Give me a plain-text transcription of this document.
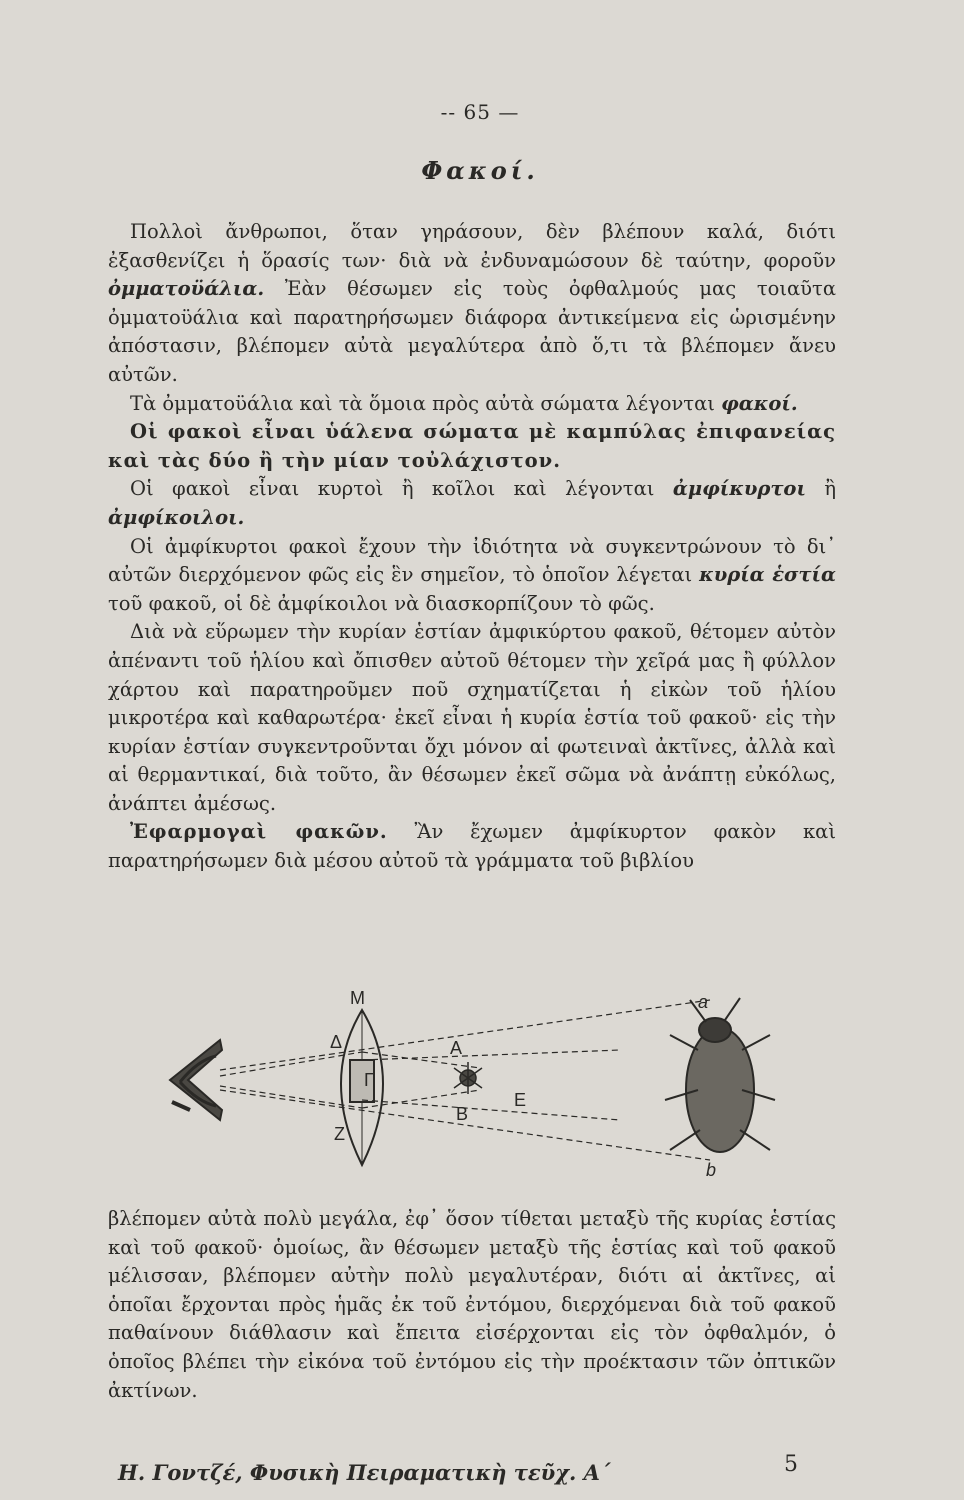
-- 65 —
Φακοί.

Πολλοὶ ἄνθρωποι, ὅταν γηράσουν, δὲν βλέπουν καλά, διότι ἐξασθενίζει ἡ ὅρασίς των· διὰ νὰ ἐνδυναμώσουν δὲ ταύτην, φοροῦν ὀμματοϋάλια. Ἐὰν θέσωμεν εἰς τοὺς ὀφθαλμούς μας τοιαῦτα ὀμματοϋάλια καὶ παρατηρήσωμεν διάφορα ἀντικείμενα εἰς ὡρισμένην ἀπόστασιν, βλέπομεν αὐτὰ μεγαλύτερα ἀπὸ ὅ,τι τὰ βλέπομεν ἄνευ αὐτῶν.

Τὰ ὀμματοϋάλια καὶ τὰ ὅμοια πρὸς αὐτὰ σώματα λέγονται φακοί.

Οἱ φακοὶ εἶναι ὑάλενα σώματα μὲ καμπύλας ἐπιφανείας καὶ τὰς δύο ἢ τὴν μίαν τοὐλάχιστον.

Οἱ φακοὶ εἶναι κυρτοὶ ἢ κοῖλοι καὶ λέγονται ἀμφίκυρτοι ἢ ἀμφίκοιλοι.

Οἱ ἀμφίκυρτοι φακοὶ ἔχουν τὴν ἰδιότητα νὰ συγκεντρώνουν τὸ δι᾽ αὐτῶν διερχόμενον φῶς εἰς ἓν σημεῖον, τὸ ὁποῖον λέγεται κυρία ἑστία τοῦ φακοῦ, οἱ δὲ ἀμφίκοιλοι νὰ διασκορπίζουν τὸ φῶς.

Διὰ νὰ εὕρωμεν τὴν κυρίαν ἑστίαν ἀμφικύρτου φακοῦ, θέτομεν αὐτὸν ἀπέναντι τοῦ ἡλίου καὶ ὄπισθεν αὐτοῦ θέτομεν τὴν χεῖρά μας ἢ φύλλον χάρτου καὶ παρατηροῦμεν ποῦ σχηματίζεται ἡ εἰκὼν τοῦ ἡλίου μικροτέρα καὶ καθαρωτέρα· ἐκεῖ εἶναι ἡ κυρία ἑστία τοῦ φακοῦ· εἰς τὴν κυρίαν ἑστίαν συγκεντροῦνται ὄχι μόνον αἱ φωτειναὶ ἀκτῖνες, ἀλλὰ καὶ αἱ θερμαντικαί, διὰ τοῦτο, ἂν θέσωμεν ἐκεῖ σῶμα νὰ ἀνάπτῃ εὐκόλως, ἀνάπτει ἀμέσως.

Ἐφαρμογαὶ φακῶν. Ἂν ἔχωμεν ἀμφίκυρτον φακὸν καὶ παρατηρήσωμεν διὰ μέσου αὐτοῦ τὰ γράμματα τοῦ βιβλίου

M
Δ
Γ
Z
A
B
E
a
b

βλέπομεν αὐτὰ πολὺ μεγάλα, ἐφ᾽ ὅσον τίθεται μεταξὺ τῆς κυρίας ἑστίας καὶ τοῦ φακοῦ· ὁμοίως, ἂν θέσωμεν μεταξὺ τῆς ἑστίας καὶ τοῦ φακοῦ μέλισσαν, βλέπομεν αὐτὴν πολὺ μεγαλυτέραν, διότι αἱ ἀκτῖνες, αἱ ὁποῖαι ἔρχονται πρὸς ἡμᾶς ἐκ τοῦ ἐντόμου, διερχόμεναι διὰ τοῦ φακοῦ παθαίνουν διάθλασιν καὶ ἔπειτα εἰσέρχονται εἰς τὸν ὀφθαλμόν, ὁ ὁποῖος βλέπει τὴν εἰκόνα τοῦ ἐντόμου εἰς τὴν προέκτασιν τῶν ὀπτικῶν ἀκτίνων.

Η. Γοντζέ, Φυσικὴ Πειραματικὴ τεῦχ. Α΄	5
